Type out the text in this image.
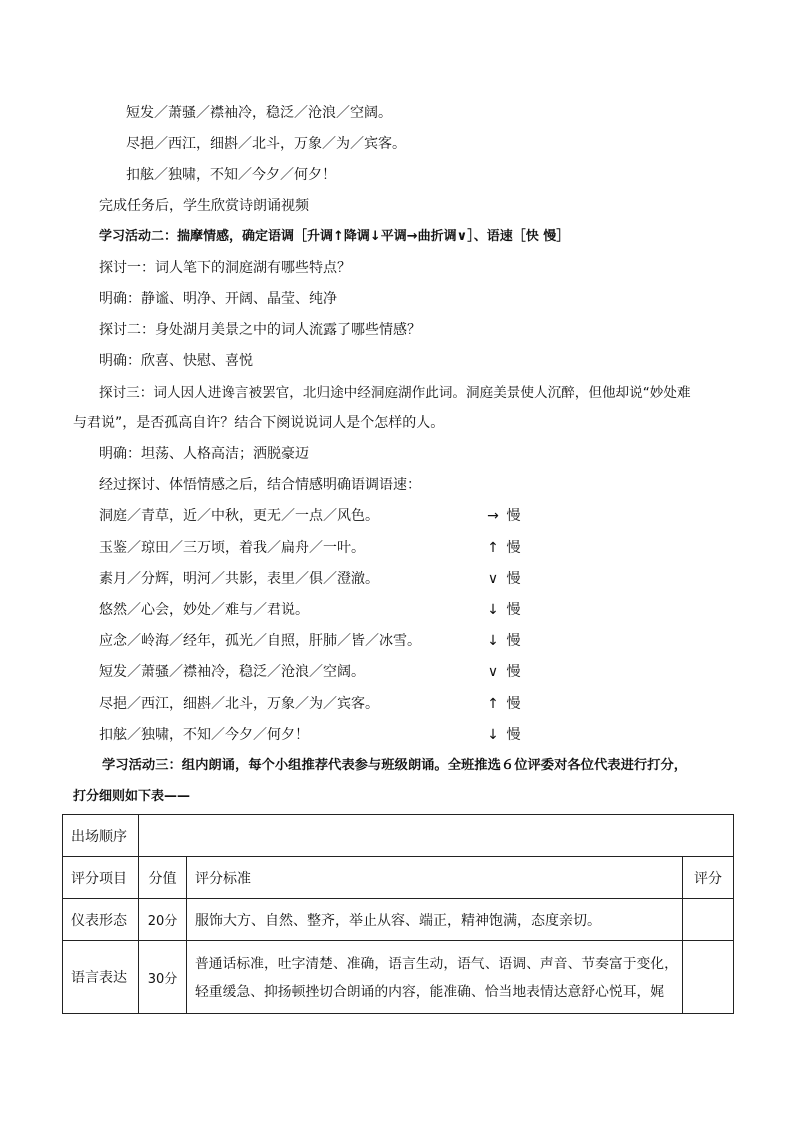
短发／萧骚／襟袖冷，稳泛／沧浪／空阔。
尽挹／西江，细斟／北斗，万象／为／宾客。
扣舷／独啸，不知／今夕／何夕！
完成任务后，学生欣赏诗朗诵视频
学习活动二：揣摩情感，确定语调［升调↑降调↓平调→曲折调∨］、语速［快 慢］
探讨一：词人笔下的洞庭湖有哪些特点？
明确：静谧、明净、开阔、晶莹、纯净
探讨二：身处湖月美景之中的词人流露了哪些情感？
明确：欣喜、快慰、喜悦
探讨三：词人因人进谗言被罢官，北归途中经洞庭湖作此词。洞庭美景使人沉醉，但他却说“妙处难
与君说”，是否孤高自许？结合下阕说说词人是个怎样的人。
明确：坦荡、人格高洁；洒脱豪迈
经过探讨、体悟情感之后，结合情感明确语调语速：
洞庭／青草，近／中秋，更无／一点／风色。	→ 慢
玉鉴／琼田／三万顷，着我／扁舟／一叶。	↑ 慢
素月／分辉，明河／共影，表里／俱／澄澈。	∨ 慢
悠然／心会，妙处／难与／君说。	↓ 慢
应念／岭海／经年，孤光／自照，肝肺／皆／冰雪。	↓ 慢
短发／萧骚／襟袖冷，稳泛／沧浪／空阔。	∨ 慢
尽挹／西江，细斟／北斗，万象／为／宾客。	↑ 慢
扣舷／独啸，不知／今夕／何夕！	↓ 慢
学习活动三：组内朗诵，每个小组推荐代表参与班级朗诵。全班推选６位评委对各位代表进行打分，
打分细则如下表——
出场顺序			
评分项目	分值	评分标准	评分
仪表形态	20分	服饰大方、自然、整齐，举止从容、端正，精神饱满，态度亲切。	
语言表达	30分	普通话标准，吐字清楚、准确，语言生动，语气、语调、声音、节奏富于变化，
轻重缓急、抑扬顿挫切合朗诵的内容，能准确、恰当地表情达意舒心悦耳，娓	
